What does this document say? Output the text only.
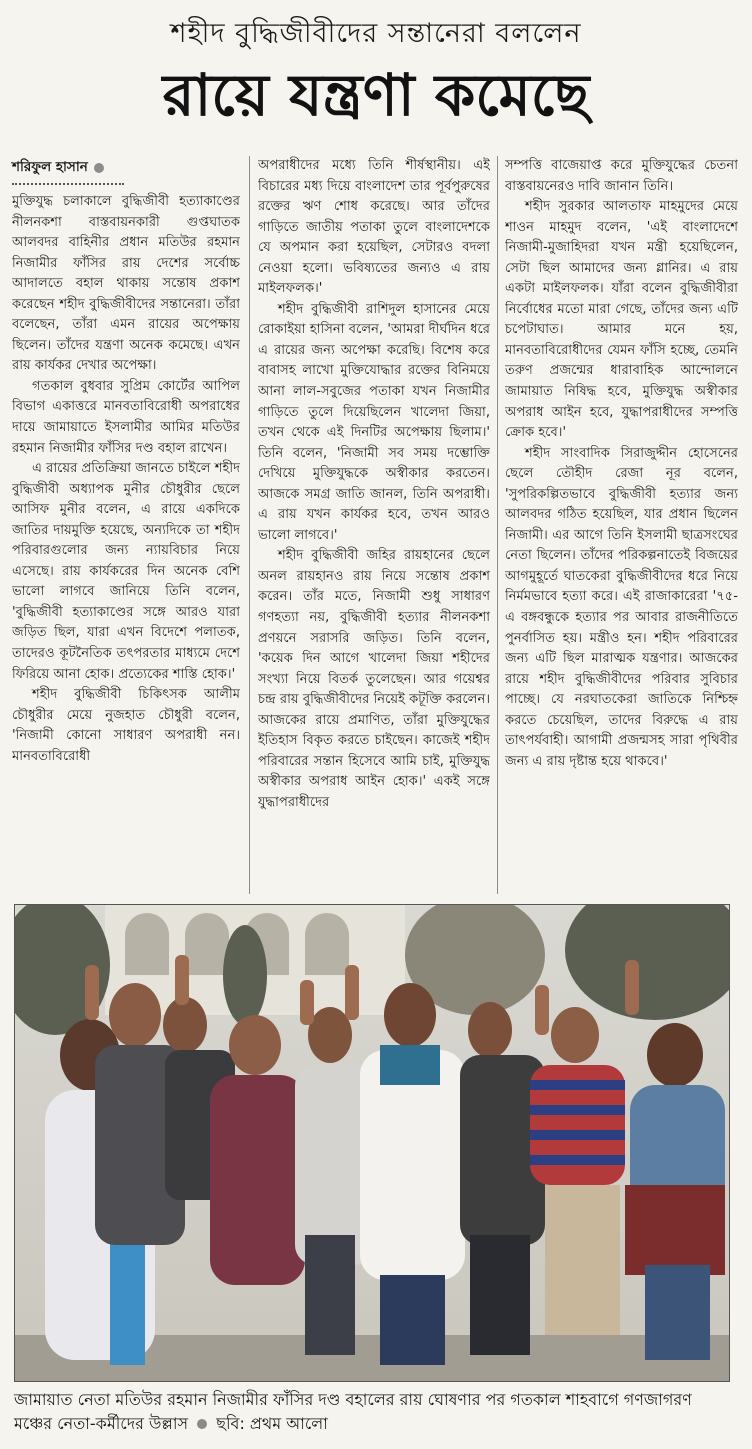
শহীদ বুদ্ধিজীবীদের সন্তানেরা বললেন
রায়ে যন্ত্রণা কমেছে
শরিফুল হাসান

মুক্তিযুদ্ধ চলাকালে বুদ্ধিজীবী হত্যাকাণ্ডের নীলনকশা বাস্তবায়নকারী গুপ্তঘাতক আলবদর বাহিনীর প্রধান মতিউর রহমান নিজামীর ফাঁসির রায় দেশের সর্বোচ্চ আদালতে বহাল থাকায় সন্তোষ প্রকাশ করেছেন শহীদ বুদ্ধিজীবীদের সন্তানেরা। তাঁরা বলেছেন, তাঁরা এমন রায়ের অপেক্ষায় ছিলেন। তাঁদের যন্ত্রণা অনেক কমেছে। এখন রায় কার্যকর দেখার অপেক্ষা।

গতকাল বুধবার সুপ্রিম কোর্টের আপিল বিভাগ একাত্তরে মানবতাবিরোধী অপরাধের দায়ে জামায়াতে ইসলামীর আমির মতিউর রহমান নিজামীর ফাঁসির দণ্ড বহাল রাখেন।

এ রায়ের প্রতিক্রিয়া জানতে চাইলে শহীদ বুদ্ধিজীবী অধ্যাপক মুনীর চৌধুরীর ছেলে আসিফ মুনীর বলেন, এ রায়ে একদিকে জাতির দায়মুক্তি হয়েছে, অন্যদিকে তা শহীদ পরিবারগুলোর জন্য ন্যায়বিচার নিয়ে এসেছে। রায় কার্যকরের দিন অনেক বেশি ভালো লাগবে জানিয়ে তিনি বলেন, 'বুদ্ধিজীবী হত্যাকাণ্ডের সঙ্গে আরও যারা জড়িত ছিল, যারা এখন বিদেশে পলাতক, তাদেরও কূটনৈতিক তৎপরতার মাধ্যমে দেশে ফিরিয়ে আনা হোক। প্রত্যেকের শাস্তি হোক।'

শহীদ বুদ্ধিজীবী চিকিৎসক আলীম চৌধুরীর মেয়ে নুজহাত চৌধুরী বলেন, 'নিজামী কোনো সাধারণ অপরাধী নন। মানবতাবিরোধী

অপরাধীদের মধ্যে তিনি শীর্ষস্থানীয়। এই বিচারের মধ্য দিয়ে বাংলাদেশ তার পূর্বপুরুষের রক্তের ঋণ শোধ করেছে। আর তাঁদের গাড়িতে জাতীয় পতাকা তুলে বাংলাদেশকে যে অপমান করা হয়েছিল, সেটারও বদলা নেওয়া হলো। ভবিষ্যতের জন্যও এ রায় মাইলফলক।'

শহীদ বুদ্ধিজীবী রাশিদুল হাসানের মেয়ে রোকাইয়া হাসিনা বলেন, 'আমরা দীর্ঘদিন ধরে এ রায়ের জন্য অপেক্ষা করেছি। বিশেষ করে বাবাসহ লাখো মুক্তিযোদ্ধার রক্তের বিনিময়ে আনা লাল-সবুজের পতাকা যখন নিজামীর গাড়িতে তুলে দিয়েছিলেন খালেদা জিয়া, তখন থেকে এই দিনটির অপেক্ষায় ছিলাম।' তিনি বলেন, 'নিজামী সব সময় দম্ভোক্তি দেখিয়ে মুক্তিযুদ্ধকে অস্বীকার করতেন। আজকে সমগ্র জাতি জানল, তিনি অপরাধী। এ রায় যখন কার্যকর হবে, তখন আরও ভালো লাগবে।'

শহীদ বুদ্ধিজীবী জহির রায়হানের ছেলে অনল রায়হানও রায় নিয়ে সন্তোষ প্রকাশ করেন। তাঁর মতে, নিজামী শুধু সাধারণ গণহত্যা নয়, বুদ্ধিজীবী হত্যার নীলনকশা প্রণয়নে সরাসরি জড়িত। তিনি বলেন, 'কয়েক দিন আগে খালেদা জিয়া শহীদের সংখ্যা নিয়ে বিতর্ক তুলেছেন। আর গয়েশ্বর চন্দ্র রায় বুদ্ধিজীবীদের নিয়েই কটূক্তি করলেন। আজকের রায়ে প্রমাণিত, তাঁরা মুক্তিযুদ্ধের ইতিহাস বিকৃত করতে চাইছেন। কাজেই শহীদ পরিবারের সন্তান হিসেবে আমি চাই, মুক্তিযুদ্ধ অস্বীকার অপরাধ আইন হোক।' একই সঙ্গে যুদ্ধাপরাধীদের

সম্পত্তি বাজেয়াপ্ত করে মুক্তিযুদ্ধের চেতনা বাস্তবায়নেরও দাবি জানান তিনি।

শহীদ সুরকার আলতাফ মাহমুদের মেয়ে শাওন মাহমুদ বলেন, 'এই বাংলাদেশে নিজামী-মুজাহিদরা যখন মন্ত্রী হয়েছিলেন, সেটা ছিল আমাদের জন্য গ্লানির। এ রায় একটা মাইলফলক। যাঁরা বলেন বুদ্ধিজীবীরা নির্বোধের মতো মারা গেছে, তাঁদের জন্য এটি চপেটাঘাত। আমার মনে হয়, মানবতাবিরোধীদের যেমন ফাঁসি হচ্ছে, তেমনি তরুণ প্রজন্মের ধারাবাহিক আন্দোলনে জামায়াত নিষিদ্ধ হবে, মুক্তিযুদ্ধ অস্বীকার অপরাধ আইন হবে, যুদ্ধাপরাধীদের সম্পত্তি ক্রোক হবে।'

শহীদ সাংবাদিক সিরাজুদ্দীন হোসেনের ছেলে তৌহীদ রেজা নূর বলেন, 'সুপরিকল্পিতভাবে বুদ্ধিজীবী হত্যার জন্য আলবদর গঠিত হয়েছিল, যার প্রধান ছিলেন নিজামী। এর আগে তিনি ইসলামী ছাত্রসংঘের নেতা ছিলেন। তাঁদের পরিকল্পনাতেই বিজয়ের আগমুহূর্তে ঘাতকেরা বুদ্ধিজীবীদের ধরে নিয়ে নির্মমভাবে হত্যা করে। এই রাজাকারেরা '৭৫-এ বঙ্গবন্ধুকে হত্যার পর আবার রাজনীতিতে পুনর্বাসিত হয়। মন্ত্রীও হন। শহীদ পরিবারের জন্য এটি ছিল মারাত্মক যন্ত্রণার। আজকের রায়ে শহীদ বুদ্ধিজীবীদের পরিবার সুবিচার পাচ্ছে। যে নরঘাতকেরা জাতিকে নিশ্চিহ্ন করতে চেয়েছিল, তাদের বিরুদ্ধে এ রায় তাৎপর্যবাহী। আগামী প্রজন্মসহ সারা পৃথিবীর জন্য এ রায় দৃষ্টান্ত হয়ে থাকবে।'

জামায়াত নেতা মতিউর রহমান নিজামীর ফাঁসির দণ্ড বহালের রায় ঘোষণার পর গতকাল শাহবাগে গণজাগরণ মঞ্চের নেতা-কর্মীদের উল্লাস ছবি: প্রথম আলো
